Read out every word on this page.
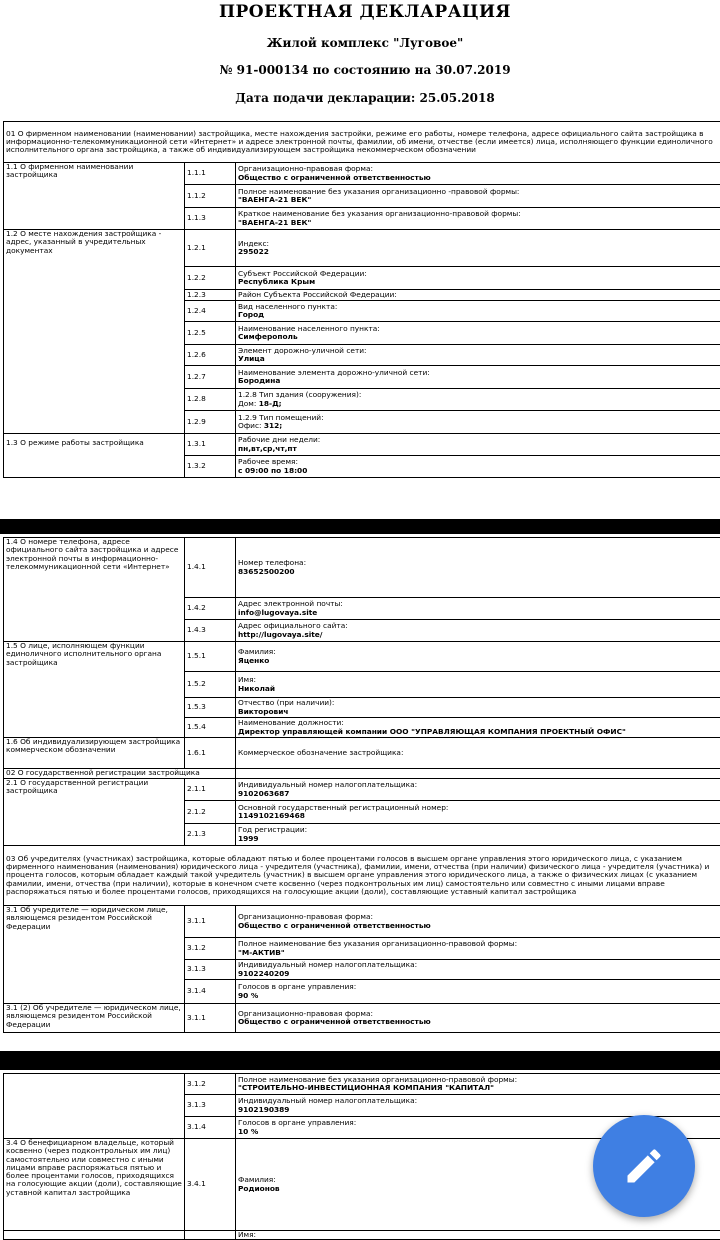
ПРОЕКТНАЯ ДЕКЛАРАЦИЯ
Жилой комплекс "Луговое"
№ 91-000134 по состоянию на 30.07.2019
Дата подачи декларации: 25.05.2018
01 О фирменном наименовании (наименовании) застройщика, месте нахождения застройки, режиме его работы, номере телефона, адресе официального сайта застройщика в информационно-телекоммуникационной сети «Интернет» и адресе электронной почты, фамилии, об имени, отчестве (если имеется) лица, исполняющего функции единоличного исполнительного органа застройщика, а также об индивидуализирующем застройщика некоммерческом обозначении		
1.1 О фирменном наименовании застройщика	1.1.1	Организационно-правовая форма:
Общество с ограниченной ответственностью

	1.1.2	Полное наименование без указания организационно -правовой формы:
"ВАЕНГА-21 ВЕК"

	1.1.3	Краткое наименование без указания организационно-правовой формы:
"ВАЕНГА-21 ВЕК"

1.2 О месте нахождения застройщика - адрес, указанный в учредительных документах	1.2.1	Индекс:
295022

	1.2.2	Субъект Российской Федерации:
Республика Крым

	1.2.3	Район Субъекта Российской Федерации:

	1.2.4	Вид населенного пункта:
Город

	1.2.5	Наименование населенного пункта:
Симферополь

	1.2.6	Элемент дорожно-уличной сети:
Улица

	1.2.7	Наименование элемента дорожно-уличной сети:
Бородина

	1.2.8	1.2.8 Тип здания (сооружения):
Дом: 18-Д;
	1.2.9	1.2.9 Тип помещений:
Офис: 312;
1.3 О режиме работы застройщика	1.3.1	Рабочие дни недели:
пн,вт,ср,чт,пт

	1.3.2	Рабочее время:
с 09:00 по 18:00
1.4 О номере телефона, адресе официального сайта застройщика и адресе электронной почты в информационно-телекоммуникационной сети «Интернет»	1.4.1	Номер телефона:
83652500200

	1.4.2	Адрес электронной почты:
info@lugovaya.site

	1.4.3	Адрес официального сайта:
http://lugovaya.site/

1.5 О лице, исполняющем функции единоличного исполнительного органа застройщика	1.5.1	Фамилия:
Яценко

	1.5.2	Имя:
Николай

	1.5.3	Отчество (при наличии):
Викторович

	1.5.4	Наименование должности:
Директор управляющей компании ООО "УПРАВЛЯЮЩАЯ КОМПАНИЯ ПРОЕКТНЫЙ ОФИС"

1.6 Об индивидуализирующем застройщика коммерческом обозначении	1.6.1	Коммерческое обозначение застройщика:

02 О государственной регистрации застройщика		
2.1 О государственной регистрации застройщика	2.1.1	Индивидуальный номер налогоплательщика:
9102063687

	2.1.2	Основной государственный регистрационный номер:
1149102169468

	2.1.3	Год регистрации:
1999

03 Об учредителях (участниках) застройщика, которые обладают пятью и более процентами голосов в высшем органе управления этого юридического лица, с указанием фирменного наименования (наименования) юридического лица - учредителя (участника), фамилии, имени, отчества (при наличии) физического лица - учредителя (участника) и процента голосов, которым обладает каждый такой учредитель (участник) в высшем органе управления этого юридического лица, а также о физических лицах (с указанием фамилии, имени, отчества (при наличии), которые в конечном счете косвенно (через подконтрольных им лиц) самостоятельно или совместно с иными лицами вправе распоряжаться пятью и более процентами голосов, приходящихся на голосующие акции (доли), составляющие уставный капитал застройщика		
3.1 Об учредителе — юридическом лице, являющемся резидентом Российской Федерации	3.1.1	Организационно-правовая форма:
Общество с ограниченной ответственностью

	3.1.2	Полное наименование без указания организационно-правовой формы:
"М-АКТИВ"

	3.1.3	Индивидуальный номер налогоплательщика:
9102240209

	3.1.4	Голосов в органе управления:
90 %

3.1 (2) Об учредителе — юридическом лице, являющемся резидентом Российской Федерации	3.1.1	Организационно-правовая форма:
Общество с ограниченной ответственностью
	3.1.2	Полное наименование без указания организационно-правовой формы:
"СТРОИТЕЛЬНО-ИНВЕСТИЦИОННАЯ КОМПАНИЯ "КАПИТАЛ"

	3.1.3	Индивидуальный номер налогоплательщика:
9102190389

	3.1.4	Голосов в органе управления:
10 %

3.4 О бенефициарном владельце, который косвенно (через подконтрольных им лиц) самостоятельно или совместно с иными лицами вправе распоряжаться пятью и более процентами голосов, приходящихся на голосующие акции (доли), составляющие уставной капитал застройщика	3.4.1	Фамилия:
Родионов

		Имя:
